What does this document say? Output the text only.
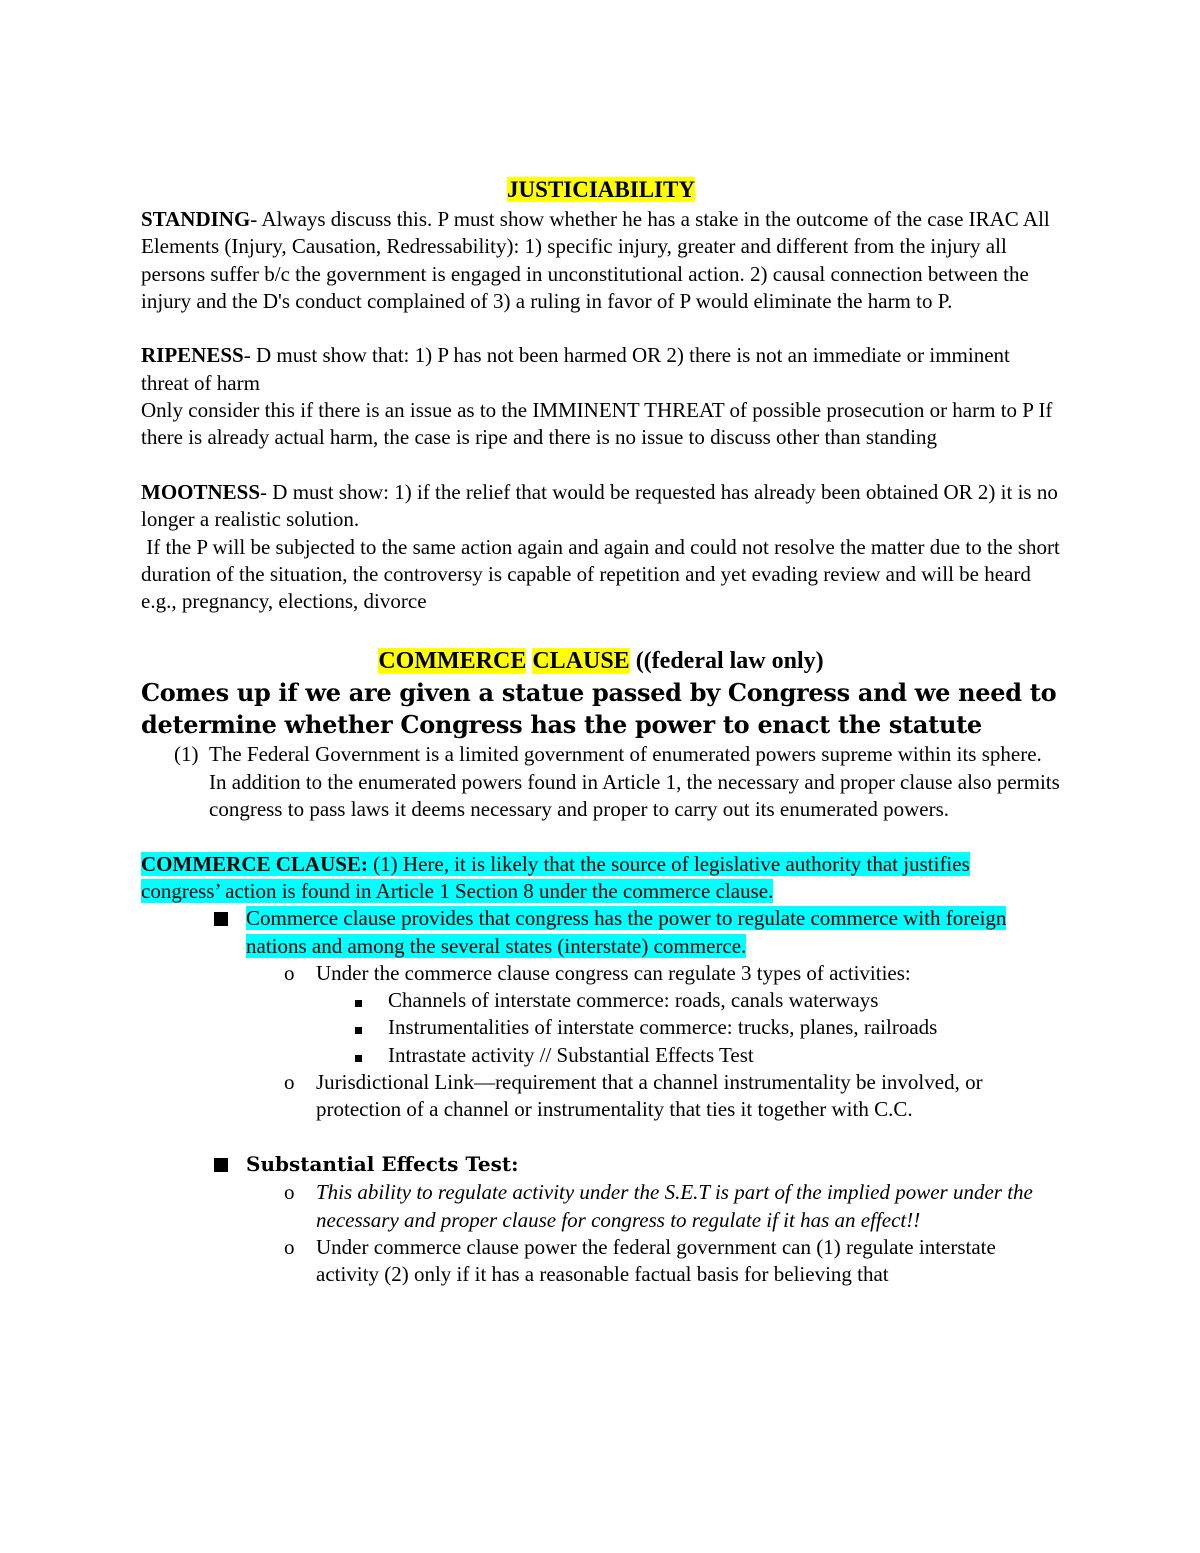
JUSTICIABILITY

STANDING- Always discuss this. P must show whether he has a stake in the outcome of the case IRAC All Elements (Injury, Causation, Redressability): 1) specific injury, greater and different from the injury all persons suffer b/c the government is engaged in unconstitutional action. 2) causal connection between the injury and the D's conduct complained of 3) a ruling in favor of P would eliminate the harm to P.

RIPENESS- D must show that: 1) P has not been harmed OR 2) there is not an immediate or imminent threat of harm

Only consider this if there is an issue as to the IMMINENT THREAT of possible prosecution or harm to P If there is already actual harm, the case is ripe and there is no issue to discuss other than standing

MOOTNESS- D must show: 1) if the relief that would be requested has already been obtained OR 2) it is no longer a realistic solution.

If the P will be subjected to the same action again and again and could not resolve the matter due to the short duration of the situation, the controversy is capable of repetition and yet evading review and will be heard e.g., pregnancy, elections, divorce

COMMERCE CLAUSE ((federal law only)

Comes up if we are given a statue passed by Congress and we need to determine whether Congress has the power to enact the statute

(1) The Federal Government is a limited government of enumerated powers supreme within its sphere. In addition to the enumerated powers found in Article 1, the necessary and proper clause also permits congress to pass laws it deems necessary and proper to carry out its enumerated powers.

COMMERCE CLAUSE: (1) Here, it is likely that the source of legislative authority that justifies congress’ action is found in Article 1 Section 8 under the commerce clause.

Commerce clause provides that congress has the power to regulate commerce with foreign nations and among the several states (interstate) commerce.
o	Under the commerce clause congress can regulate 3 types of activities:
Channels of interstate commerce: roads, canals waterways
Instrumentalities of interstate commerce: trucks, planes, railroads
Intrastate activity // Substantial Effects Test
o	Jurisdictional Link—requirement that a channel instrumentality be involved, or protection of a channel or instrumentality that ties it together with C.C.
Substantial Effects Test:
o	This ability to regulate activity under the S.E.T is part of the implied power under the necessary and proper clause for congress to regulate if it has an effect!!
o	Under commerce clause power the federal government can (1) regulate interstate activity (2) only if it has a reasonable factual basis for believing that
